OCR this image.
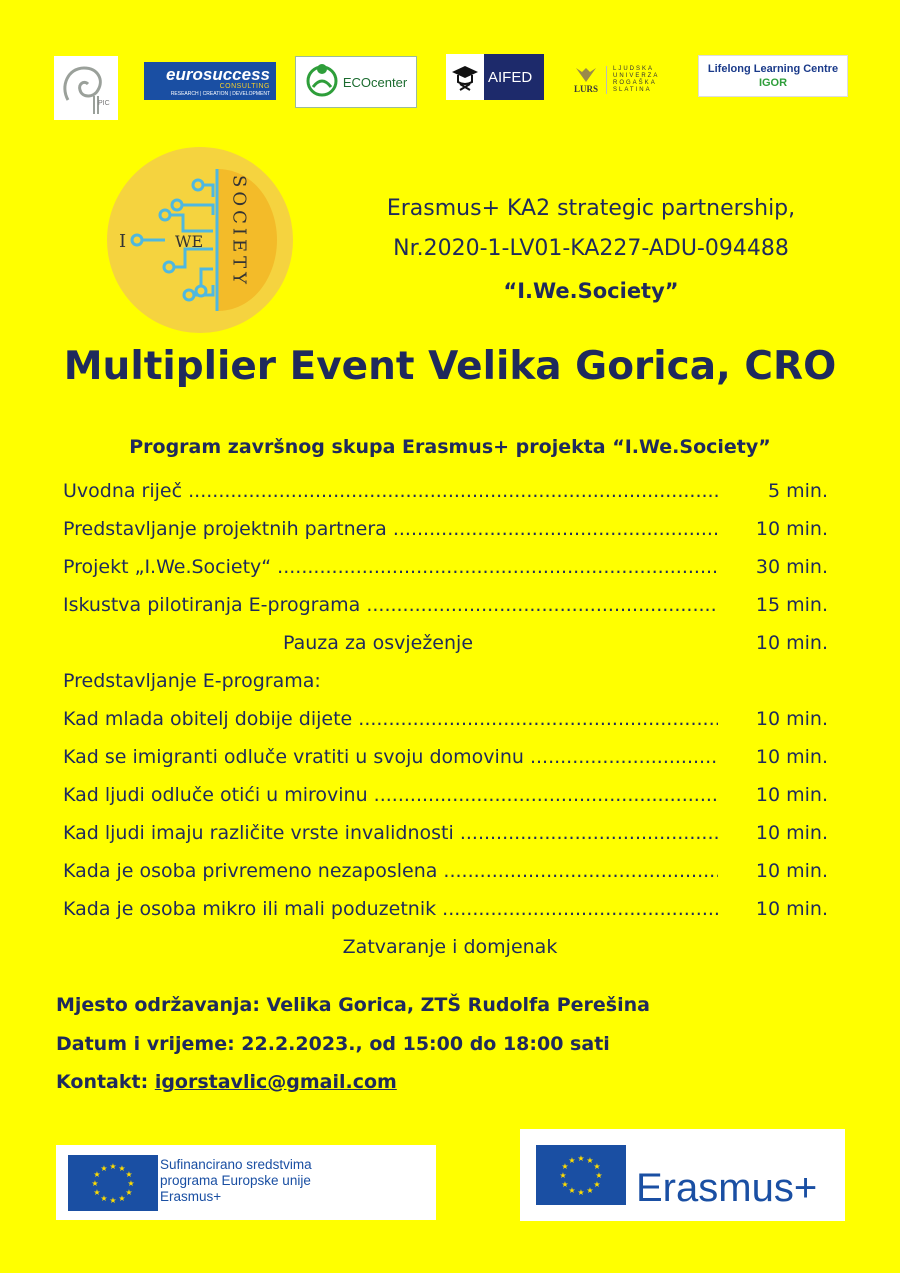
PIC
eurosuccess
CONSULTING
RESEARCH | CREATION | DEVELOPMENT
ECOcenter	AIFED
LURS
LJUDSKA UNIVERZA ROGAŠKA SLATINA
Lifelong Learning Centre
IGOR
I	WE SOCIETY	Erasmus+ KA2 strategic partnership,
Nr.2020-1-LV01-KA227-ADU-094488
“I.We.Society”
Multiplier Event Velika Gorica, CRO
Program završnog skupa Erasmus+ projekta “I.We.Society”
Uvodna riječ .....	5 min.
Predstavljanje projektnih partnera .....	10 min.
Projekt „I.We.Society“ .....	30 min.
Iskustva pilotiranja E-programa .....	15 min.
Pauza za osvježenje	10 min.
Predstavljanje E-programa:
Kad mlada obitelj dobije dijete .....	10 min.
Kad se imigranti odluče vratiti u svoju domovinu .....	10 min.
Kad ljudi odluče otići u mirovinu .....	10 min.
Kad ljudi imaju različite vrste invalidnosti .....	10 min.
Kada je osoba privremeno nezaposlena .....	10 min.
Kada je osoba mikro ili mali poduzetnik .....	10 min.
Zatvaranje i domjenak
Mjesto održavanja: Velika Gorica, ZTŠ Rudolfa Perešina
Datum i vrijeme: 22.2.2023., od 15:00 do 18:00 sati
Kontakt: igorstavlic@gmail.com
★ ★
★
★
★
★
★
★
★
★
★
★	Sufinancirano sredstvima
programa Europske unije
Erasmus+
★ ★
★
★
★
★
★
★
★
★
★
★
Erasmus+
